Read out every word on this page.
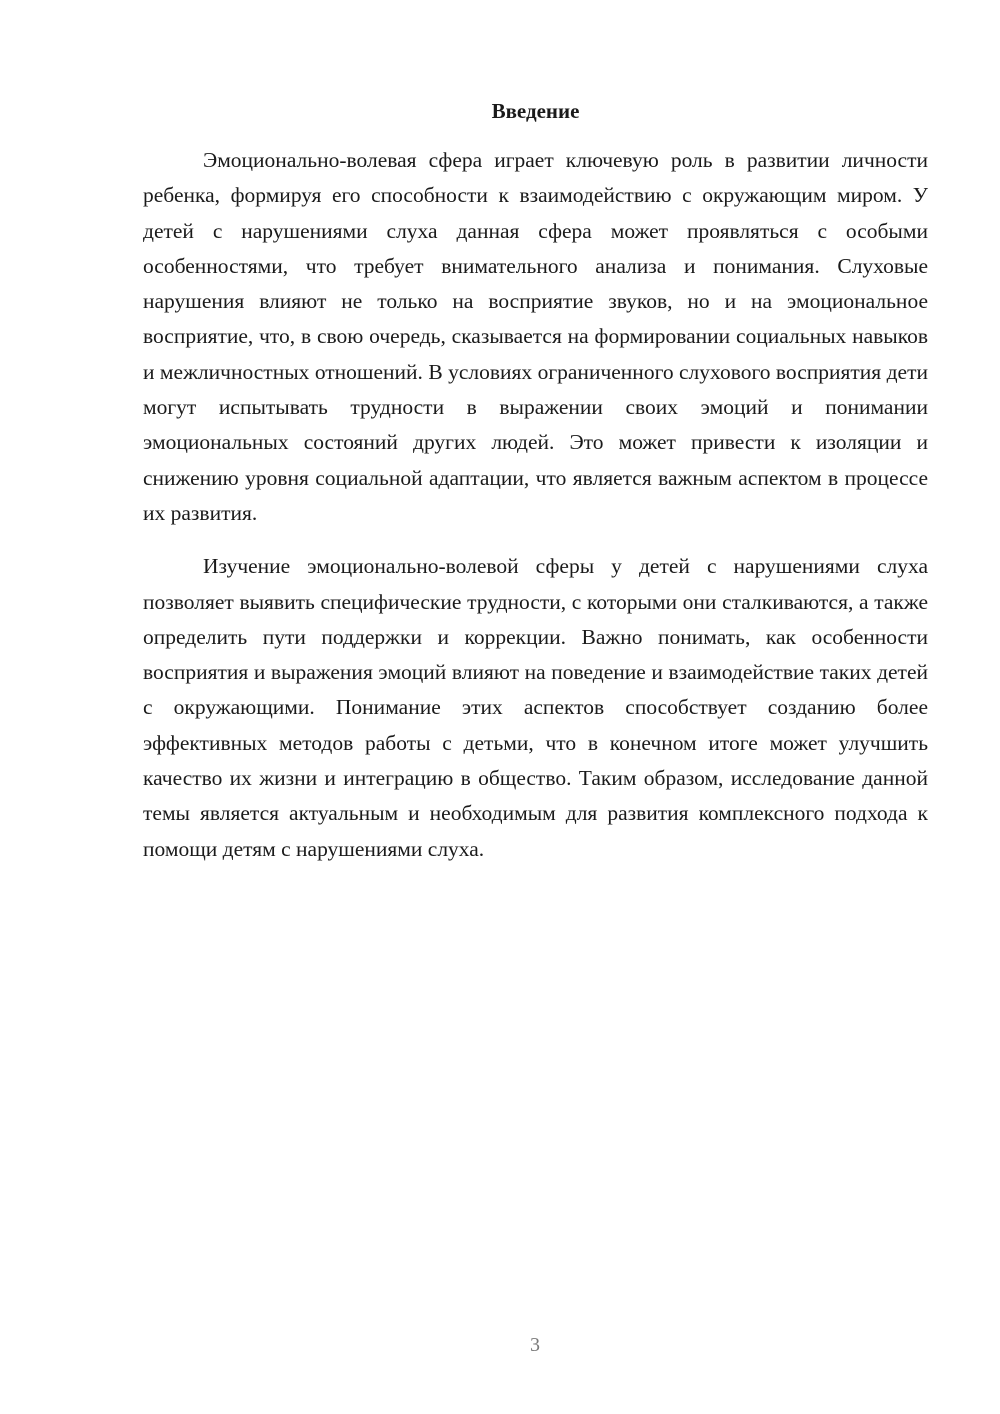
Введение

Эмоционально-волевая сфера играет ключевую роль в развитии личности ребенка, формируя его способности к взаимодействию с окружающим миром. У детей с нарушениями слуха данная сфера может проявляться с особыми особенностями, что требует внимательного анализа и понимания. Слуховые нарушения влияют не только на восприятие звуков, но и на эмоциональное восприятие, что, в свою очередь, сказывается на формировании социальных навыков и межличностных отношений. В условиях ограниченного слухового восприятия дети могут испытывать трудности в выражении своих эмоций и понимании эмоциональных состояний других людей. Это может привести к изоляции и снижению уровня социальной адаптации, что является важным аспектом в процессе их развития.

Изучение эмоционально-волевой сферы у детей с нарушениями слуха позволяет выявить специфические трудности, с которыми они сталкиваются, а также определить пути поддержки и коррекции. Важно понимать, как особенности восприятия и выражения эмоций влияют на поведение и взаимодействие таких детей с окружающими. Понимание этих аспектов способствует созданию более эффективных методов работы с детьми, что в конечном итоге может улучшить качество их жизни и интеграцию в общество. Таким образом, исследование данной темы является актуальным и необходимым для развития комплексного подхода к помощи детям с нарушениями слуха.

3
